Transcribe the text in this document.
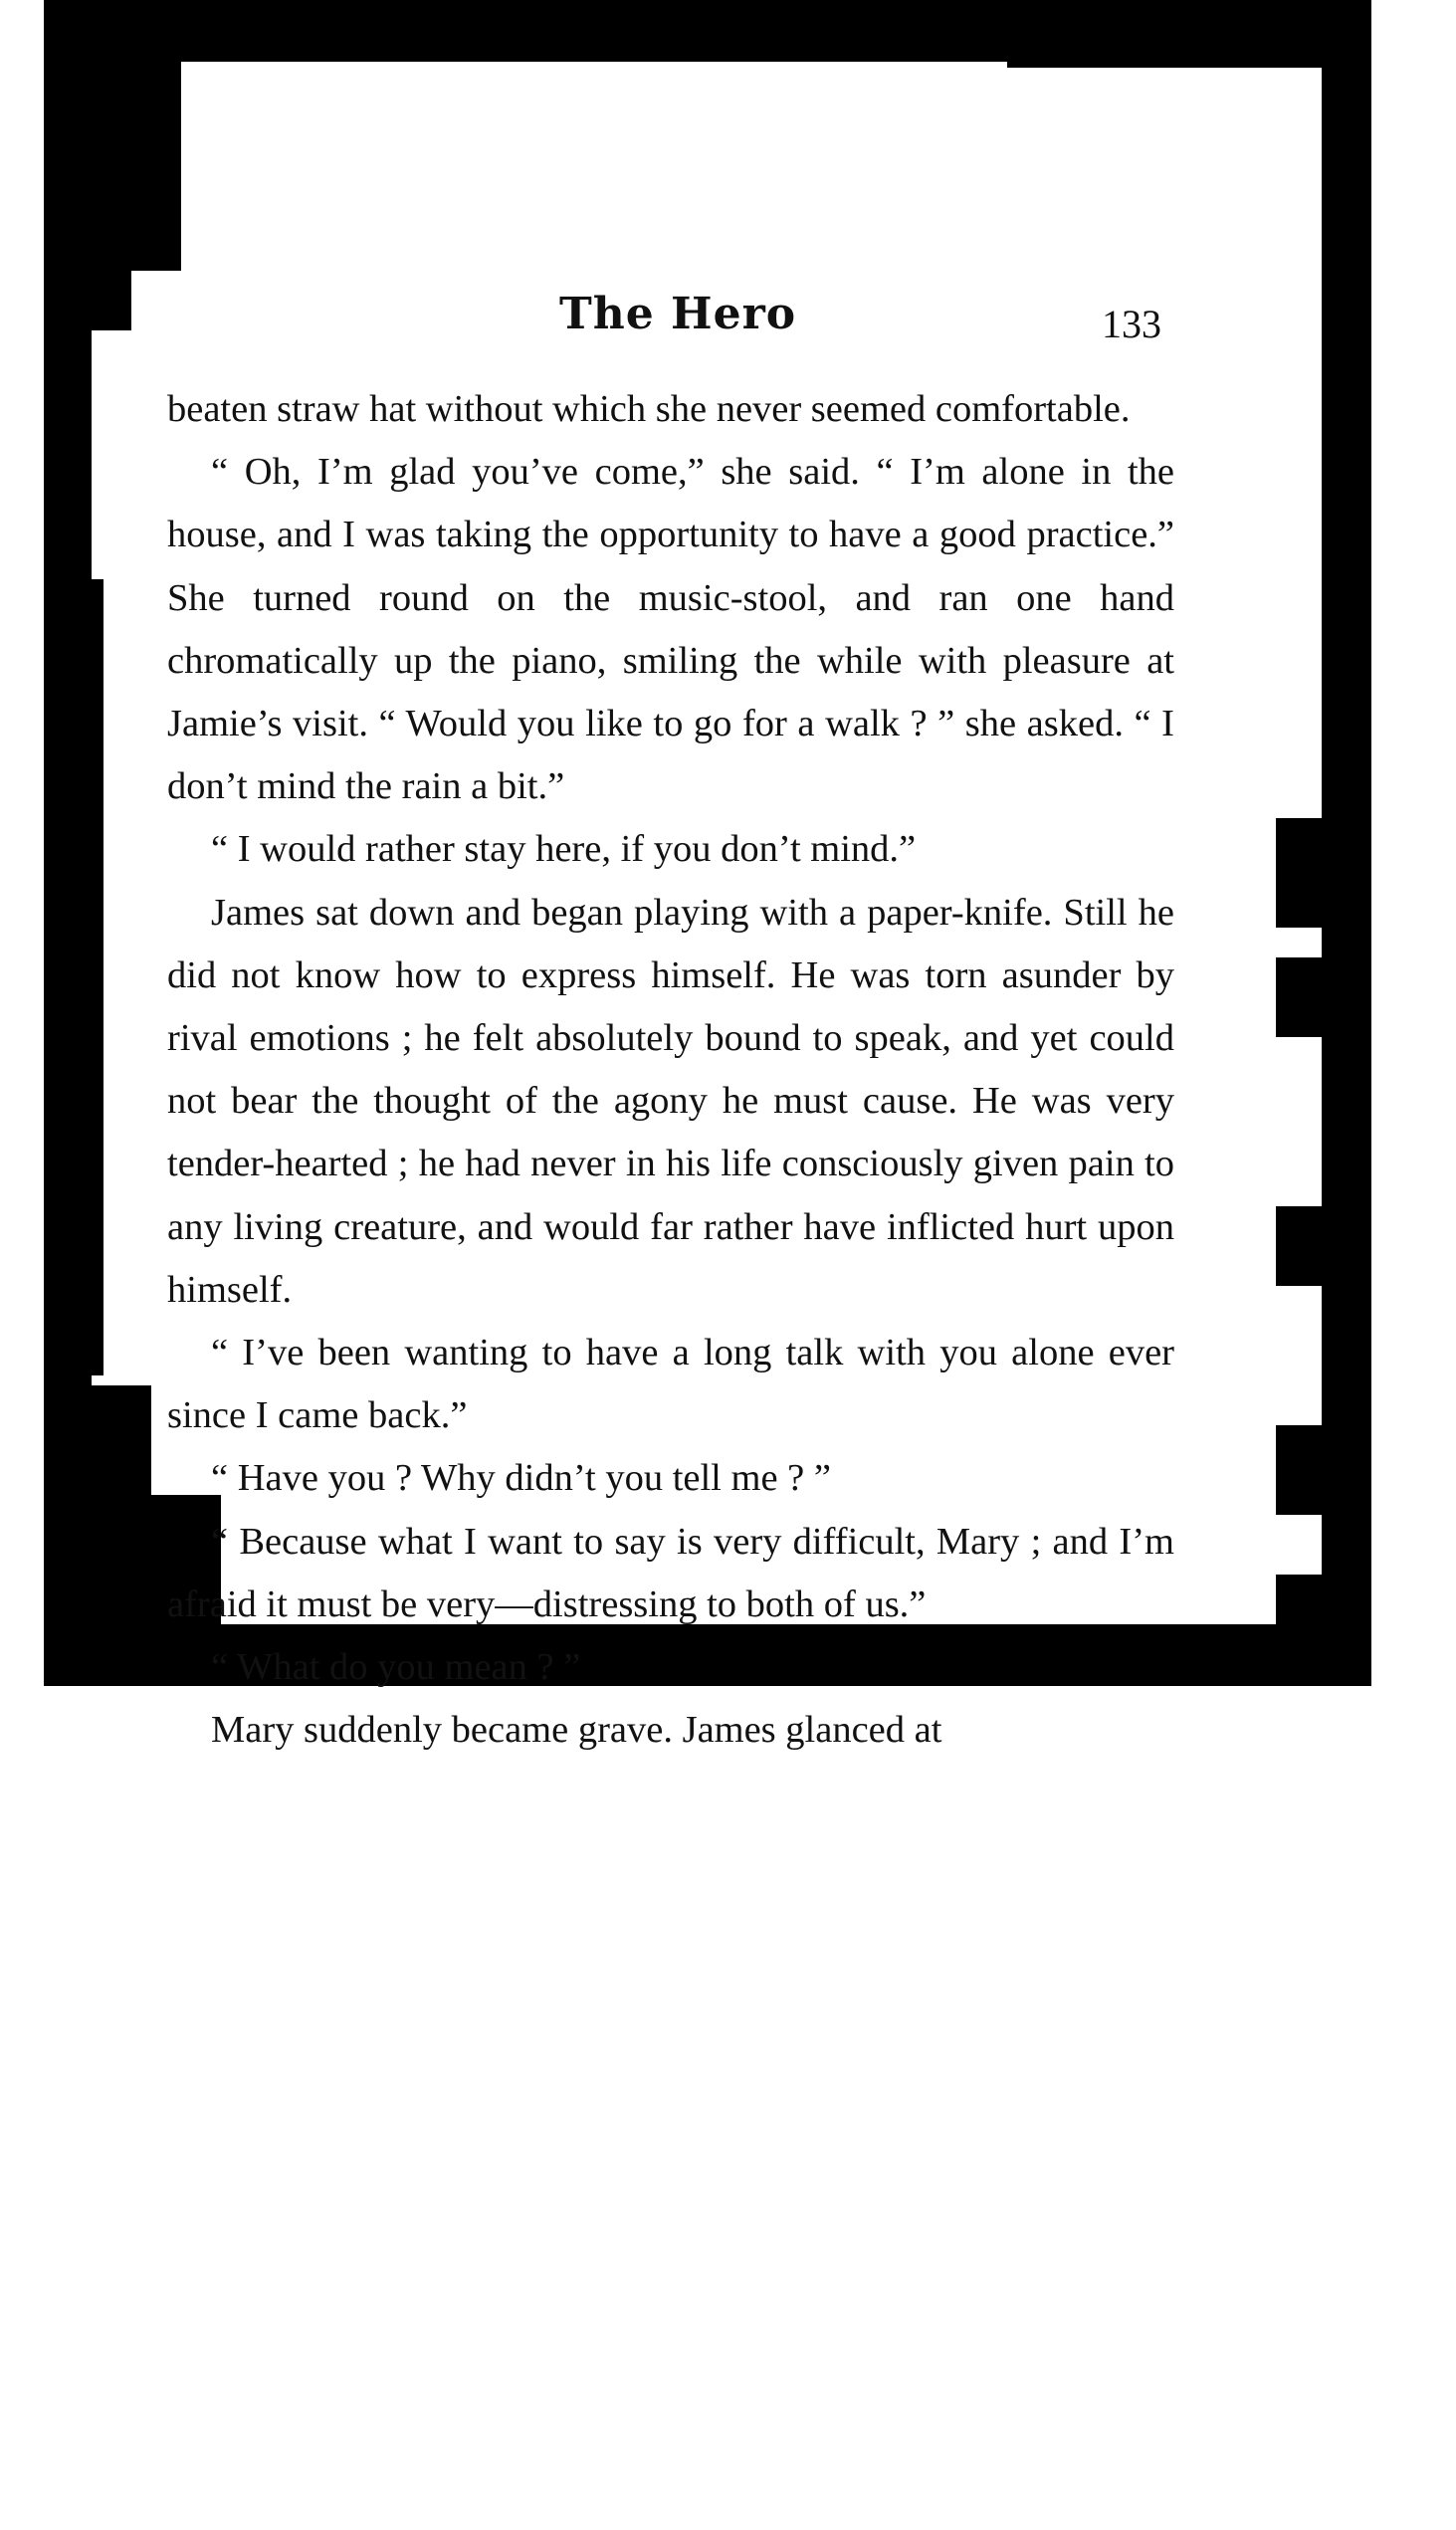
The Hero	133

beaten straw hat without which she never seemed comfortable.

“ Oh, I’m glad you’ve come,” she said. “ I’m alone in the house, and I was taking the opportunity to have a good practice.” She turned round on the music-stool, and ran one hand chromatically up the piano, smiling the while with pleasure at Jamie’s visit. “ Would you like to go for a walk ? ” she asked. “ I don’t mind the rain a bit.”

“ I would rather stay here, if you don’t mind.”

James sat down and began playing with a paper-knife. Still he did not know how to express himself. He was torn asunder by rival emotions ; he felt absolutely bound to speak, and yet could not bear the thought of the agony he must cause. He was very tender-hearted ; he had never in his life consciously given pain to any living creature, and would far rather have inflicted hurt upon himself.

“ I’ve been wanting to have a long talk with you alone ever since I came back.”

“ Have you ? Why didn’t you tell me ? ”

“ Because what I want to say is very difficult, Mary ; and I’m afraid it must be very—distressing to both of us.”

“ What do you mean ? ”

Mary suddenly became grave. James glanced at
